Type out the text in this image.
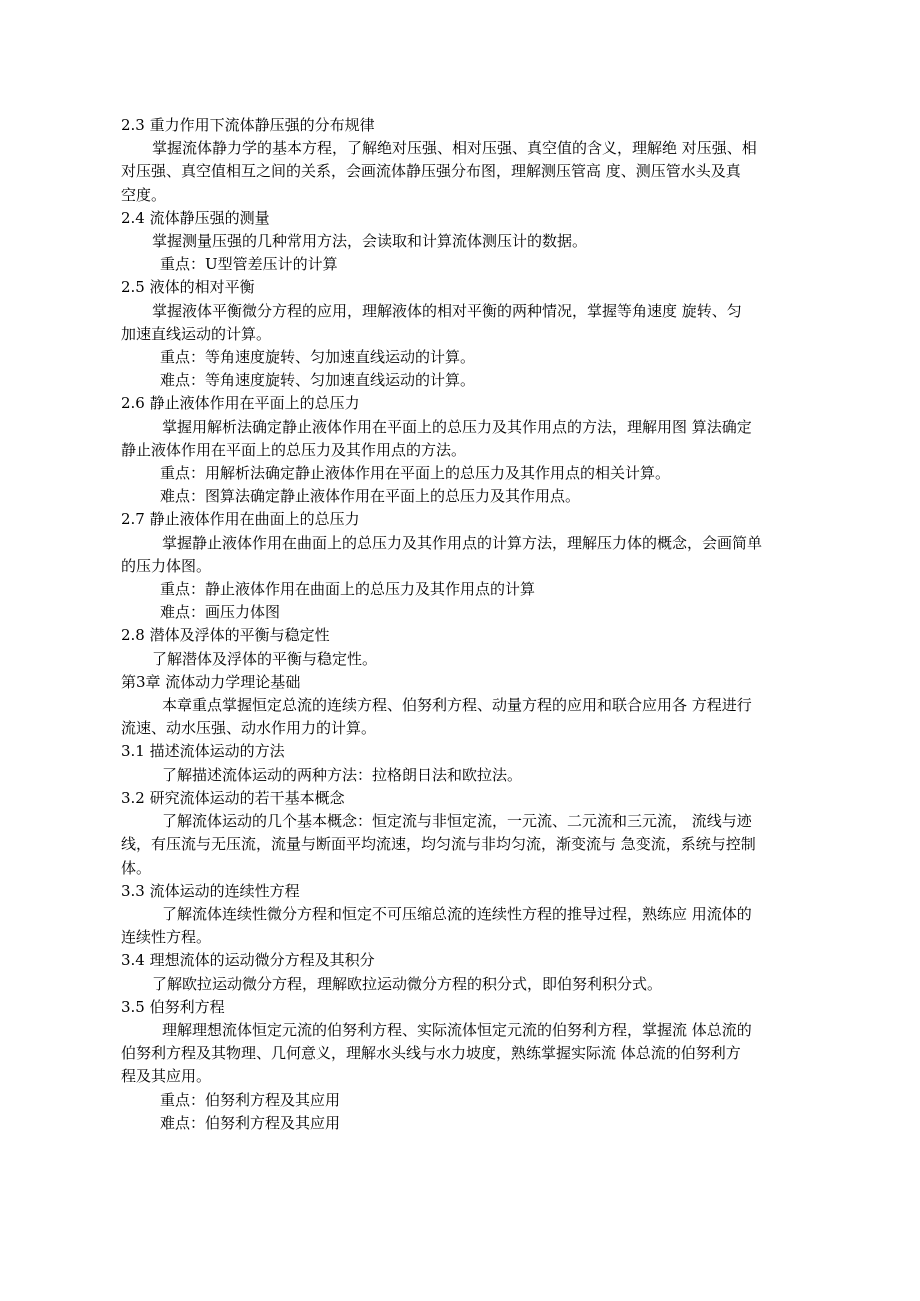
2.3 重力作用下流体静压强的分布规律

掌握流体静力学的基本方程，了解绝对压强、相对压强、真空值的含义，理解绝 对压强、相

对压强、真空值相互之间的关系，会画流体静压强分布图，理解测压管高 度、测压管水头及真

空度。

2.4 流体静压强的测量

掌握测量压强的几种常用方法，会读取和计算流体测压计的数据。

重点：U型管差压计的计算

2.5 液体的相对平衡

掌握液体平衡微分方程的应用，理解液体的相对平衡的两种情况，掌握等角速度 旋转、匀

加速直线运动的计算。

重点：等角速度旋转、匀加速直线运动的计算。

难点：等角速度旋转、匀加速直线运动的计算。

2.6 静止液体作用在平面上的总压力

掌握用解析法确定静止液体作用在平面上的总压力及其作用点的方法，理解用图 算法确定

静止液体作用在平面上的总压力及其作用点的方法。

重点：用解析法确定静止液体作用在平面上的总压力及其作用点的相关计算。

难点：图算法确定静止液体作用在平面上的总压力及其作用点。

2.7 静止液体作用在曲面上的总压力

掌握静止液体作用在曲面上的总压力及其作用点的计算方法，理解压力体的概念，会画简单

的压力体图。

重点：静止液体作用在曲面上的总压力及其作用点的计算

难点：画压力体图

2.8 潜体及浮体的平衡与稳定性

了解潜体及浮体的平衡与稳定性。

第3章 流体动力学理论基础

本章重点掌握恒定总流的连续方程、伯努利方程、动量方程的应用和联合应用各 方程进行

流速、动水压强、动水作用力的计算。

3.1 描述流体运动的方法

了解描述流体运动的两种方法：拉格朗日法和欧拉法。

3.2 研究流体运动的若干基本概念

了解流体运动的几个基本概念：恒定流与非恒定流，一元流、二元流和三元流， 流线与迹

线，有压流与无压流，流量与断面平均流速，均匀流与非均匀流，渐变流与 急变流，系统与控制

体。

3.3 流体运动的连续性方程

了解流体连续性微分方程和恒定不可压缩总流的连续性方程的推导过程，熟练应 用流体的

连续性方程。

3.4 理想流体的运动微分方程及其积分

了解欧拉运动微分方程，理解欧拉运动微分方程的积分式，即伯努利积分式。

3.5 伯努利方程

理解理想流体恒定元流的伯努利方程、实际流体恒定元流的伯努利方程，掌握流 体总流的

伯努利方程及其物理、几何意义，理解水头线与水力坡度，熟练掌握实际流 体总流的伯努利方

程及其应用。

重点：伯努利方程及其应用

难点：伯努利方程及其应用
